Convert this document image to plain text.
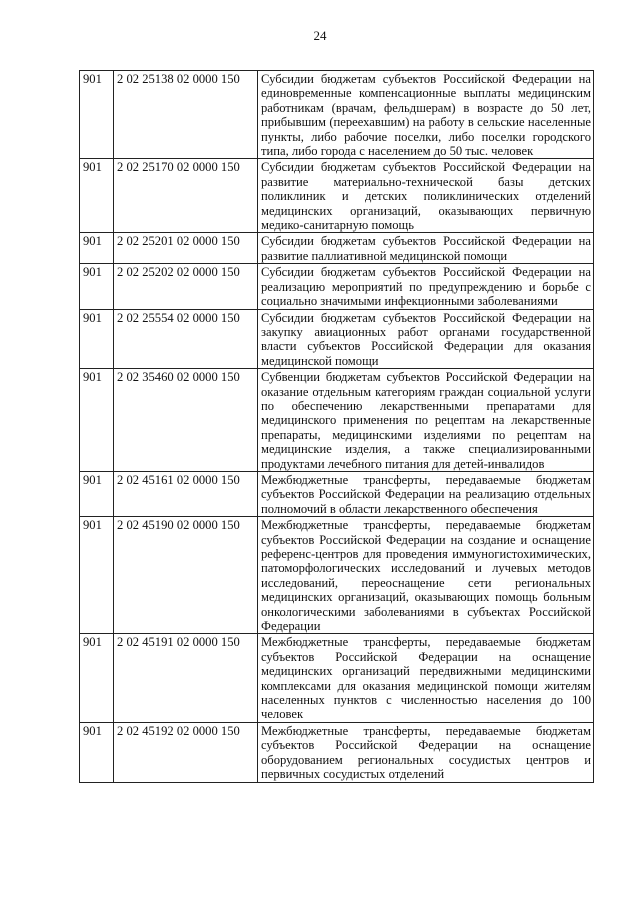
24
901	2 02 25138 02 0000 150	Субсидии бюджетам субъектов Российской Федерации на единовременные компенсационные выплаты медицинским работникам (врачам, фельдшерам) в возрасте до 50 лет, прибывшим (переехавшим) на работу в сельские населенные пункты, либо рабочие поселки, либо поселки городского типа, либо города с населением до 50 тыс. человек
901	2 02 25170 02 0000 150	Субсидии бюджетам субъектов Российской Федерации на развитие материально-технической базы детских поликлиник и детских поликлинических отделений медицинских организаций, оказывающих первичную медико-санитарную помощь
901	2 02 25201 02 0000 150	Субсидии бюджетам субъектов Российской Федерации на развитие паллиативной медицинской помощи
901	2 02 25202 02 0000 150	Субсидии бюджетам субъектов Российской Федерации на реализацию мероприятий по предупреждению и борьбе с социально значимыми инфекционными заболеваниями
901	2 02 25554 02 0000 150	Субсидии бюджетам субъектов Российской Федерации на закупку авиационных работ органами государственной власти субъектов Российской Федерации для оказания медицинской помощи
901	2 02 35460 02 0000 150	Субвенции бюджетам субъектов Российской Федерации на оказание отдельным категориям граждан социальной услуги по обеспечению лекарственными препаратами для медицинского применения по рецептам на лекарственные препараты, медицинскими изделиями по рецептам на медицинские изделия, а также специализированными продуктами лечебного питания для детей-инвалидов
901	2 02 45161 02 0000 150	Межбюджетные трансферты, передаваемые бюджетам субъектов Российской Федерации на реализацию отдельных полномочий в области лекарственного обеспечения
901	2 02 45190 02 0000 150	Межбюджетные трансферты, передаваемые бюджетам субъектов Российской Федерации на создание и оснащение референс-центров для проведения иммуногистохимических, патоморфологических исследований и лучевых методов исследований, переоснащение сети региональных медицинских организаций, оказывающих помощь больным онкологическими заболеваниями в субъектах Российской Федерации
901	2 02 45191 02 0000 150	Межбюджетные трансферты, передаваемые бюджетам субъектов Российской Федерации на оснащение медицинских организаций передвижными медицинскими комплексами для оказания медицинской помощи жителям населенных пунктов с численностью населения до 100 человек
901	2 02 45192 02 0000 150	Межбюджетные трансферты, передаваемые бюджетам субъектов Российской Федерации на оснащение оборудованием региональных сосудистых центров и первичных сосудистых отделений
